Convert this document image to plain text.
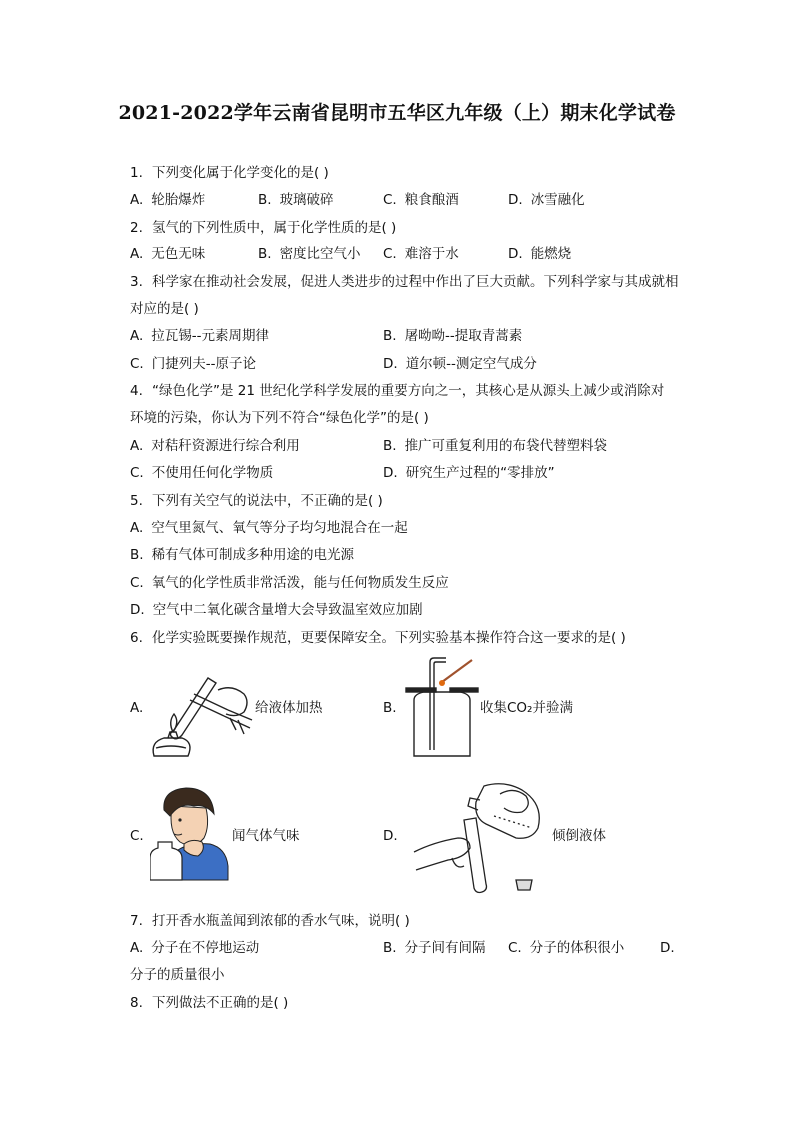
2021-2022学年云南省昆明市五华区九年级（上）期末化学试卷
1. 下列变化属于化学变化的是( )
A. 轮胎爆炸	B. 玻璃破碎	C. 粮食酿酒	D. 冰雪融化
2. 氢气的下列性质中，属于化学性质的是( )
A. 无色无味	B. 密度比空气小 C. 难溶于水	D. 能燃烧
3. 科学家在推动社会发展，促进人类进步的过程中作出了巨大贡献。下列科学家与其成就相
对应的是( )
A. 拉瓦锡--元素周期律	B. 屠呦呦--提取青蒿素
C. 门捷列夫--原子论	D. 道尔顿--测定空气成分
4. “绿色化学”是 21 世纪化学科学发展的重要方向之一，其核心是从源头上减少或消除对
环境的污染，你认为下列不符合“绿色化学”的是( )
A. 对秸秆资源进行综合利用	B. 推广可重复利用的布袋代替塑料袋
C. 不使用任何化学物质	D. 研究生产过程的“零排放”
5. 下列有关空气的说法中，不正确的是( )
A. 空气里氮气、氧气等分子均匀地混合在一起
B. 稀有气体可制成多种用途的电光源
C. 氧气的化学性质非常活泼，能与任何物质发生反应
D. 空气中二氧化碳含量增大会导致温室效应加剧
6. 化学实验既要操作规范，更要保障安全。下列实验基本操作符合这一要求的是( )
A.	给液体加热	B.	收集CO₂并验满
C.	闻气体气味	D.	倾倒液体
7. 打开香水瓶盖闻到浓郁的香水气味，说明( )
A. 分子在不停地运动	B. 分子间有间隔 C. 分子的体积很小	D.
分子的质量很小
8. 下列做法不正确的是( )
